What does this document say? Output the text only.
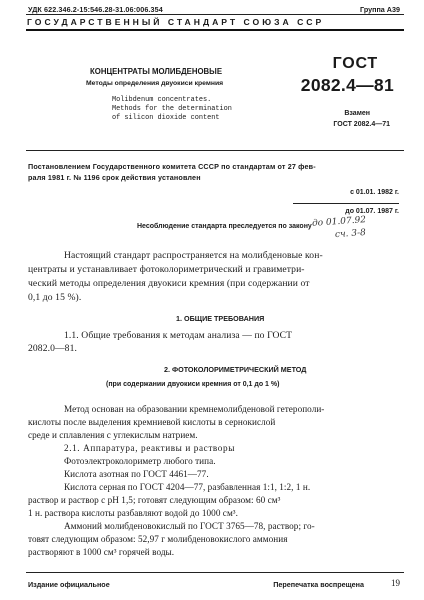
УДК 622.346.2-15:546.28-31.06:006.354	Группа А39
ГОСУДАРСТВЕННЫЙ СТАНДАРТ СОЮЗА ССР
КОНЦЕНТРАТЫ МОЛИБДЕНОВЫЕ
Методы определения двуокиси кремния
Molibdenum concentrates.
Methods for the determination
of silicon dioxide content
ГОСТ
2082.4—81
Взамен
ГОСТ 2082.4—71
Постановлением Государственного комитета СССР по стандартам от 27 фев-
раля 1981 г. № 1196 срок действия установлен
с 01.01. 1982 г.
до 01.07. 1987 г.
Несоблюдение стандарта преследуется по закону до 01.07.92
сч. 3-8
Настоящий стандарт распространяется на молибденовые кон-
центраты и устанавливает фотоколориметрический и гравиметри-
ческий методы определения двуокиси кремния (при содержании от
0,1 до 15 %).
1. ОБЩИЕ ТРЕБОВАНИЯ
1.1. Общие требования к методам анализа — по ГОСТ
2082.0—81.
2. ФОТОКОЛОРИМЕТРИЧЕСКИЙ МЕТОД
(при содержании двуокиси кремния от 0,1 до 1 %)
Метод основан на образовании кремнемолибденовой гетерополи-
кислоты после выделения кремниевой кислоты в сернокислой
среде и сплавления с углекислым натрием.
2.1. Аппаратура, реактивы и растворы
Фотоэлектроколориметр любого типа.
Кислота азотная по ГОСТ 4461—77.
Кислота серная по ГОСТ 4204—77, разбавленная 1:1, 1:2, 1 н.
раствор и раствор с рН 1,5; готовят следующим образом: 60 см³
1 н. раствора кислоты разбавляют водой до 1000 см³.
Аммоний молибденовокислый по ГОСТ 3765—78, раствор; го-
товят следующим образом: 52,97 г молибденовокислого аммония
растворяют в 1000 см³ горячей воды.
Издание официальное	Перепечатка воспрещена	19
